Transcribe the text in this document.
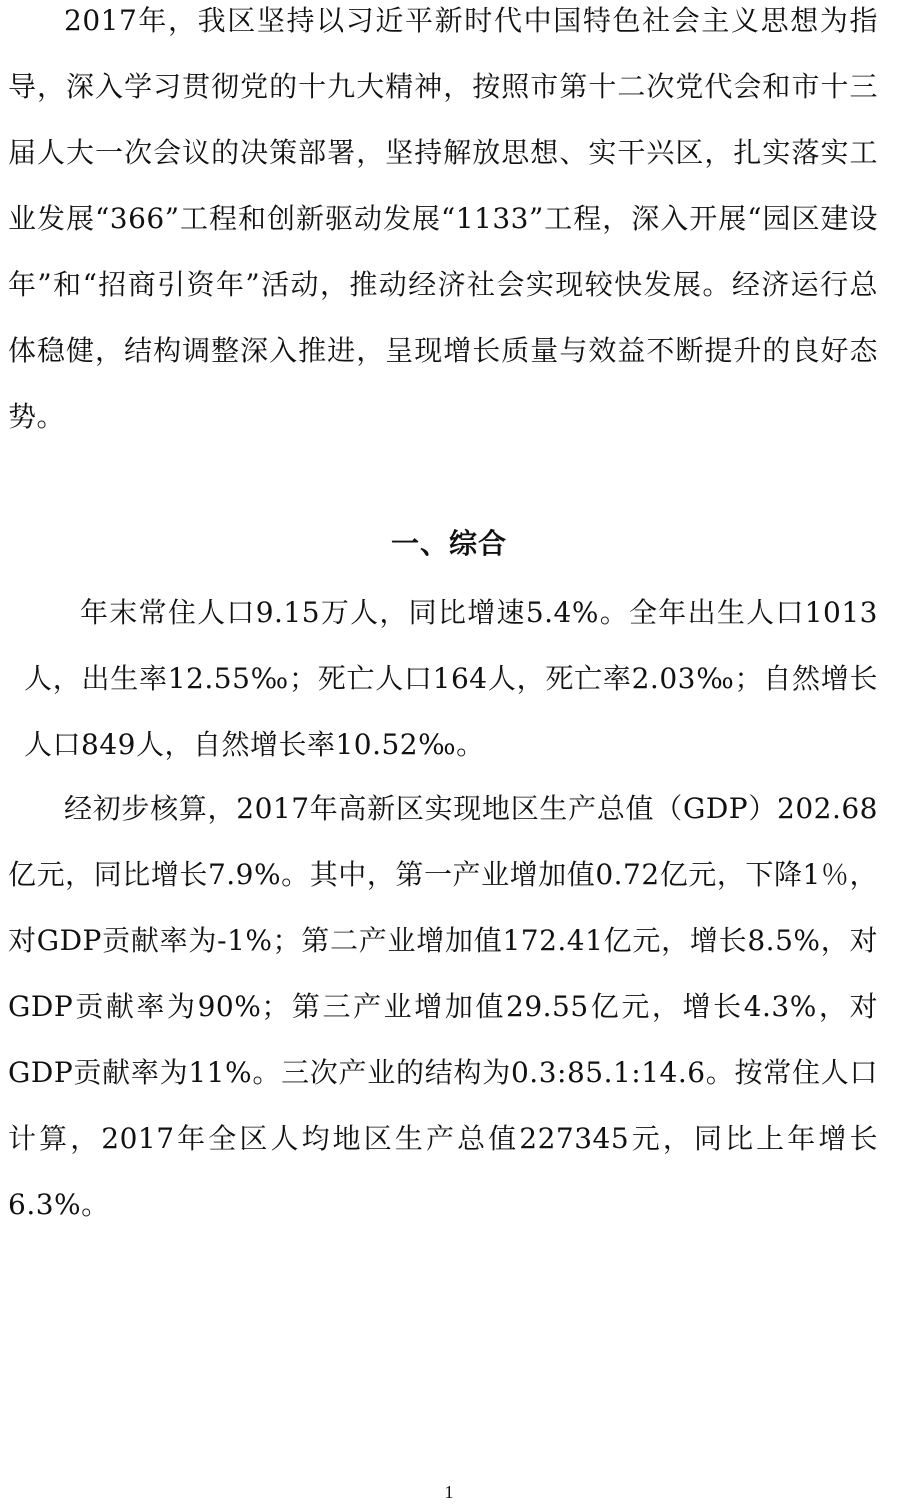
2017年，我区坚持以习近平新时代中国特色社会主义思想为指导，深入学习贯彻党的十九大精神，按照市第十二次党代会和市十三届人大一次会议的决策部署，坚持解放思想、实干兴区，扎实落实工业发展“366”工程和创新驱动发展“1133”工程，深入开展“园区建设年”和“招商引资年”活动，推动经济社会实现较快发展。经济运行总体稳健，结构调整深入推进，呈现增长质量与效益不断提升的良好态势。

一、综合

年末常住人口9.15万人，同比增速5.4%。全年出生人口1013人，出生率12.55‰；死亡人口164人，死亡率2.03‰；自然增长人口849人，自然增长率10.52‰。

经初步核算，2017年高新区实现地区生产总值（GDP）202.68亿元，同比增长7.9%。其中，第一产业增加值0.72亿元，下降1％，对GDP贡献率为-1%；第二产业增加值172.41亿元，增长8.5%，对GDP贡献率为90%；第三产业增加值29.55亿元，增长4.3%，对GDP贡献率为11%。三次产业的结构为0.3:85.1:14.6。按常住人口计算，2017年全区人均地区生产总值227345元，同比上年增长6.3%。

1
